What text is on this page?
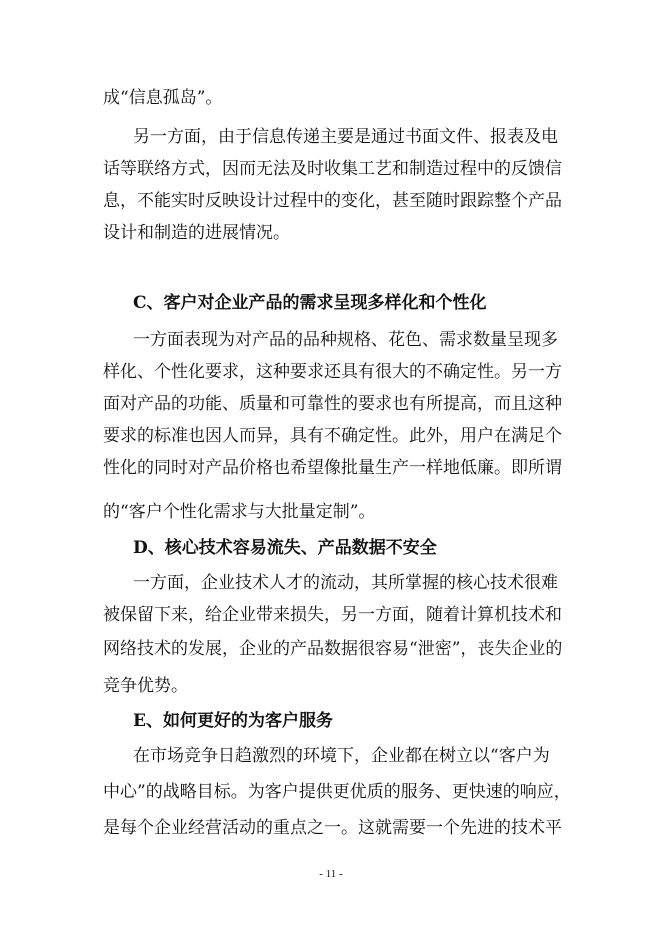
成“信息孤岛”。
另一方面，由于信息传递主要是通过书面文件、报表及电
话等联络方式，因而无法及时收集工艺和制造过程中的反馈信
息，不能实时反映设计过程中的变化，甚至随时跟踪整个产品
设计和制造的进展情况。
C、客户对企业产品的需求呈现多样化和个性化
一方面表现为对产品的品种规格、花色、需求数量呈现多
样化、个性化要求，这种要求还具有很大的不确定性。另一方
面对产品的功能、质量和可靠性的要求也有所提高，而且这种
要求的标准也因人而异，具有不确定性。此外，用户在满足个
性化的同时对产品价格也希望像批量生产一样地低廉。即所谓
的“客户个性化需求与大批量定制”。
D、核心技术容易流失、产品数据不安全
一方面，企业技术人才的流动，其所掌握的核心技术很难
被保留下来，给企业带来损失，另一方面，随着计算机技术和
网络技术的发展，企业的产品数据很容易“泄密”，丧失企业的
竞争优势。
E、如何更好的为客户服务
在市场竞争日趋激烈的环境下，企业都在树立以“客户为
中心”的战略目标。为客户提供更优质的服务、更快速的响应，
是每个企业经营活动的重点之一。这就需要一个先进的技术平
- 11 -
